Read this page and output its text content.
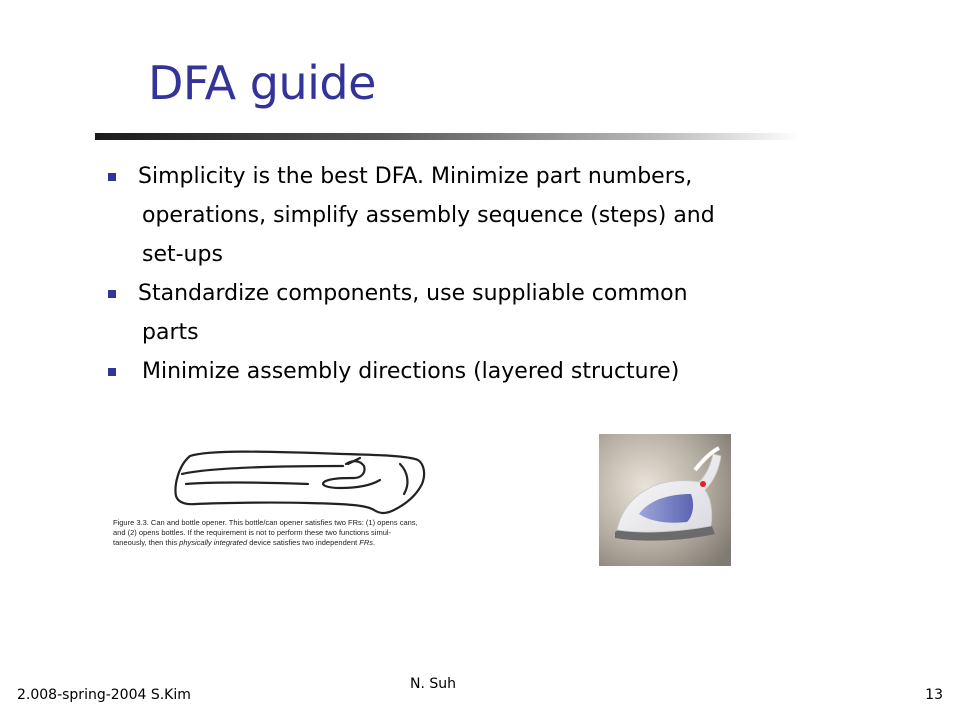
DFA guide
Simplicity is the best DFA. Minimize part numbers,
operations, simplify assembly sequence (steps) and
set-ups
Standardize components, use suppliable common
parts
Minimize assembly directions (layered structure)
Figure 3.3. Can and bottle opener. This bottle/can opener satisfies two FRs: (1) opens cans,
and (2) opens bottles. If the requirement is not to perform these two functions simul-
taneously, then this physically integrated device satisfies two independent FRs.
2.008-spring-2004 S.Kim
N. Suh
13
